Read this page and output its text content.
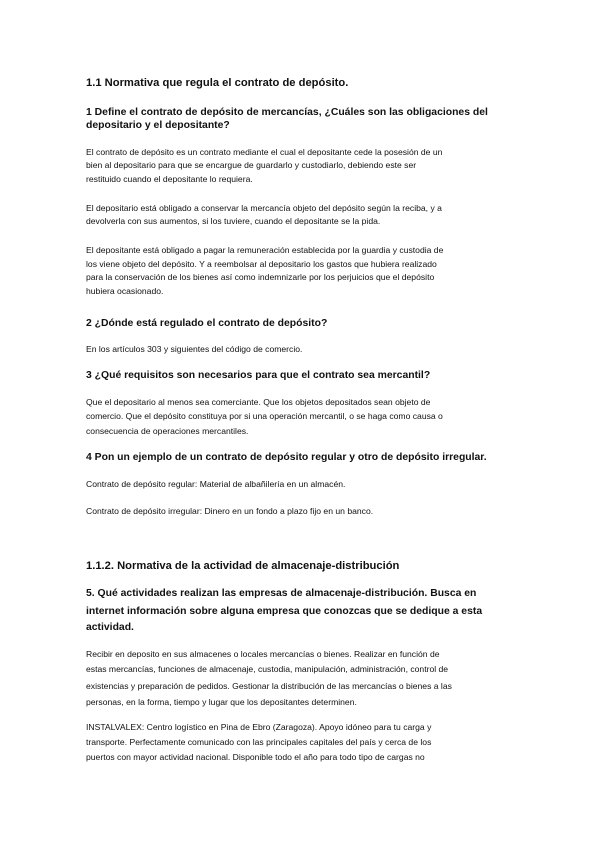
1.1 Normativa que regula el contrato de depósito.
1 Define el contrato de depósito de mercancías, ¿Cuáles son las obligaciones del
depositario y el depositante?
El contrato de depósito es un contrato mediante el cual el depositante cede la posesión de un
bien al depositario para que se encargue de guardarlo y custodiarlo, debiendo este ser
restituido cuando el depositante lo requiera.
El depositario está obligado a conservar la mercancía objeto del depósito según la reciba, y a
devolverla con sus aumentos, si los tuviere, cuando el depositante se la pida.
El depositante está obligado a pagar la remuneración establecida por la guardia y custodia de
los viene objeto del depósito. Y a reembolsar al depositario los gastos que hubiera realizado
para la conservación de los bienes así como indemnizarle por los perjuicios que el depósito
hubiera ocasionado.
2 ¿Dónde está regulado el contrato de depósito?
En los artículos 303 y siguientes del código de comercio.
3 ¿Qué requisitos son necesarios para que el contrato sea mercantil?
Que el depositario al menos sea comerciante. Que los objetos depositados sean objeto de
comercio. Que el depósito constituya por si una operación mercantil, o se haga como causa o
consecuencia de operaciones mercantiles.
4 Pon un ejemplo de un contrato de depósito regular y otro de depósito irregular.
Contrato de depósito regular: Material de albañilería en un almacén.
Contrato de depósito irregular: Dinero en un fondo a plazo fijo en un banco.
1.1.2. Normativa de la actividad de almacenaje-distribución
5. Qué actividades realizan las empresas de almacenaje-distribución. Busca en
internet información sobre alguna empresa que conozcas que se dedique a esta
actividad.
Recibir en deposito en sus almacenes o locales mercancías o bienes. Realizar en función de
estas mercancías, funciones de almacenaje, custodia, manipulación, administración, control de
existencias y preparación de pedidos. Gestionar la distribución de las mercancías o bienes a las
personas, en la forma, tiempo y lugar que los depositantes determinen.
INSTALVALEX: Centro logístico en Pina de Ebro (Zaragoza). Apoyo idóneo para tu carga y
transporte. Perfectamente comunicado con las principales capitales del país y cerca de los
puertos con mayor actividad nacional. Disponible todo el año para todo tipo de cargas no
